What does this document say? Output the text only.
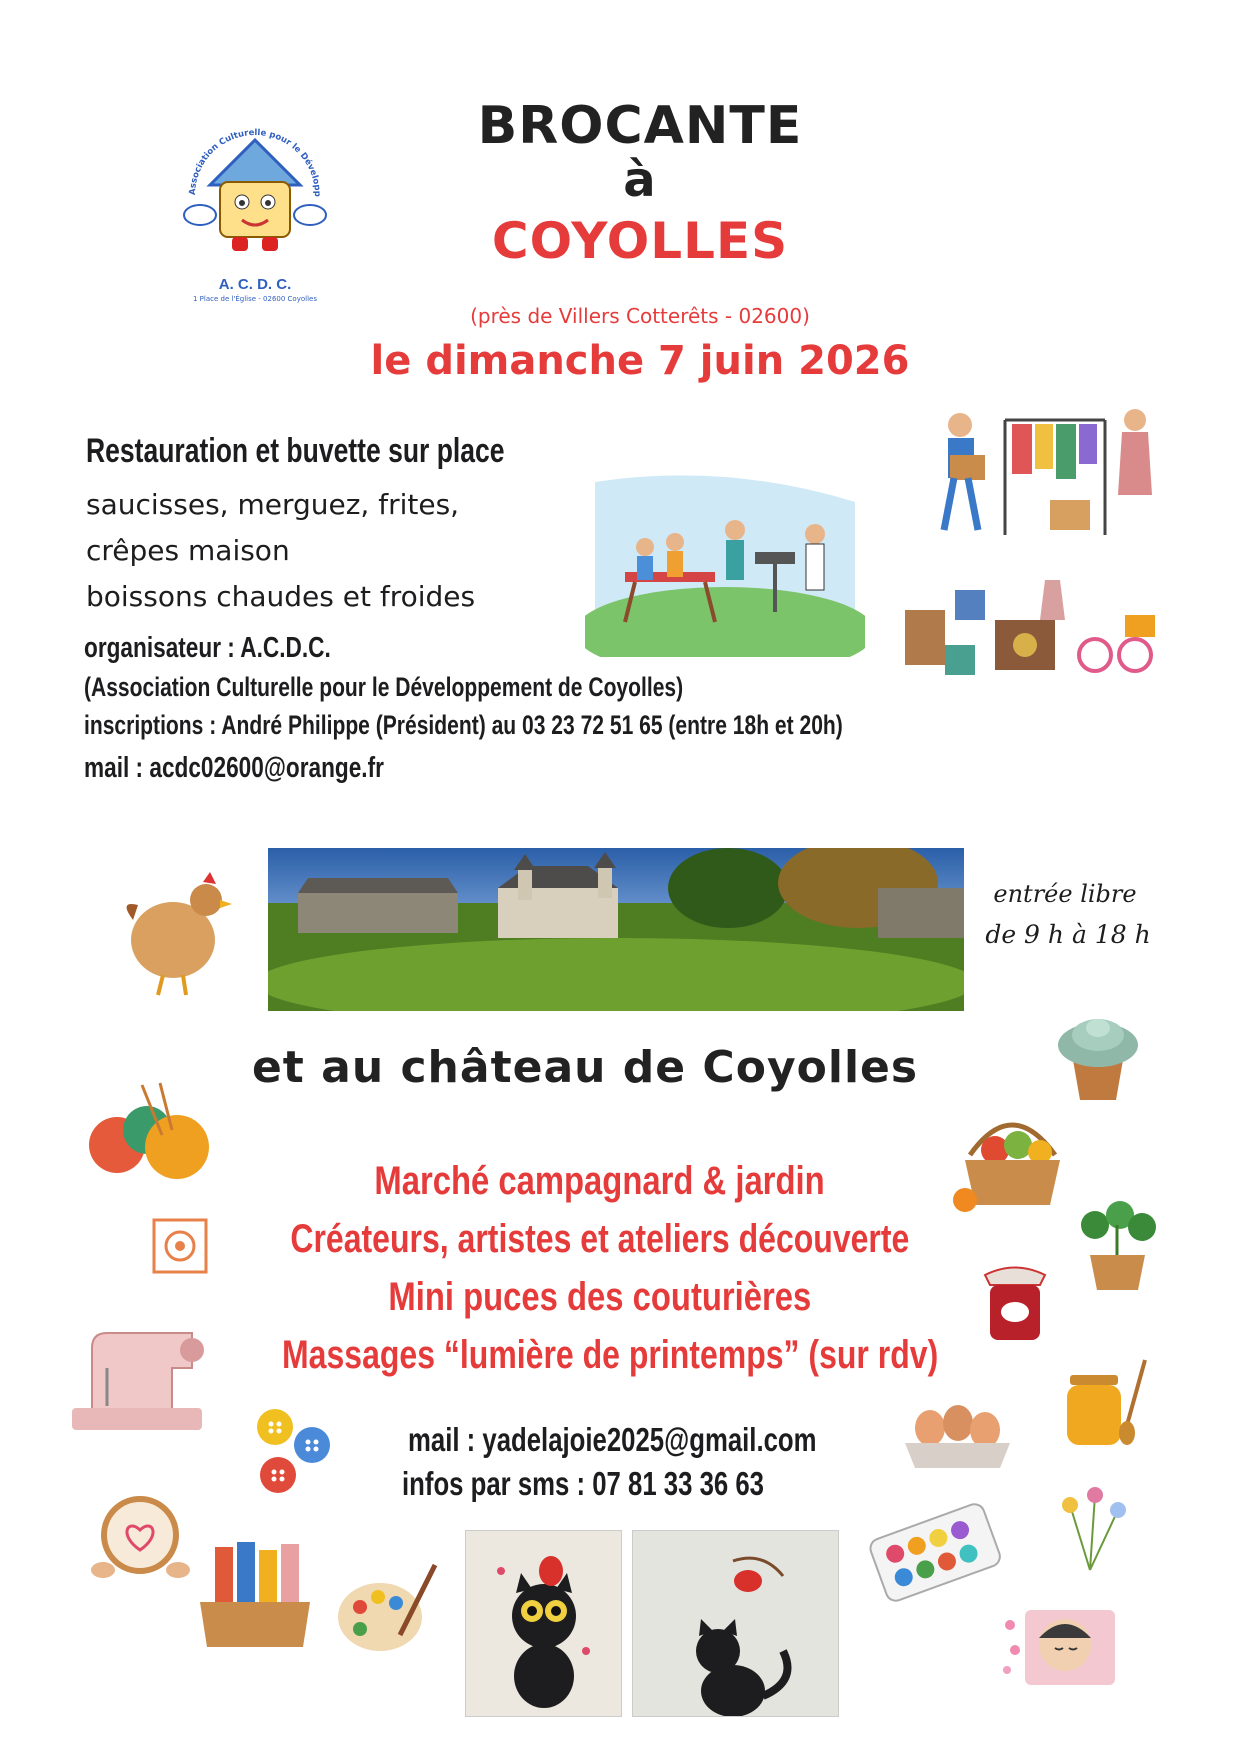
Association Culturelle pour le Développ
A. C. D. C.
1 Place de l'Église - 02600 Coyolles
BROCANTE
à
COYOLLES
(près de Villers Cotterêts - 02600)
le dimanche 7 juin 2026
Restauration et buvette sur place
saucisses, merguez, frites,
crêpes maison
boissons chaudes et froides
organisateur : A.C.D.C.
(Association Culturelle pour le Développement de Coyolles)
inscriptions : André Philippe (Président) au 03 23 72 51 65 (entre 18h et 20h)
mail : acdc02600@orange.fr
entrée libre
de 9 h à 18 h
et au château de Coyolles
Marché campagnard & jardin
Créateurs, artistes et ateliers découverte
Mini puces des couturières
Massages “lumière de printemps” (sur rdv)
mail : yadelajoie2025@gmail.com
infos par sms : 07 81 33 36 63
